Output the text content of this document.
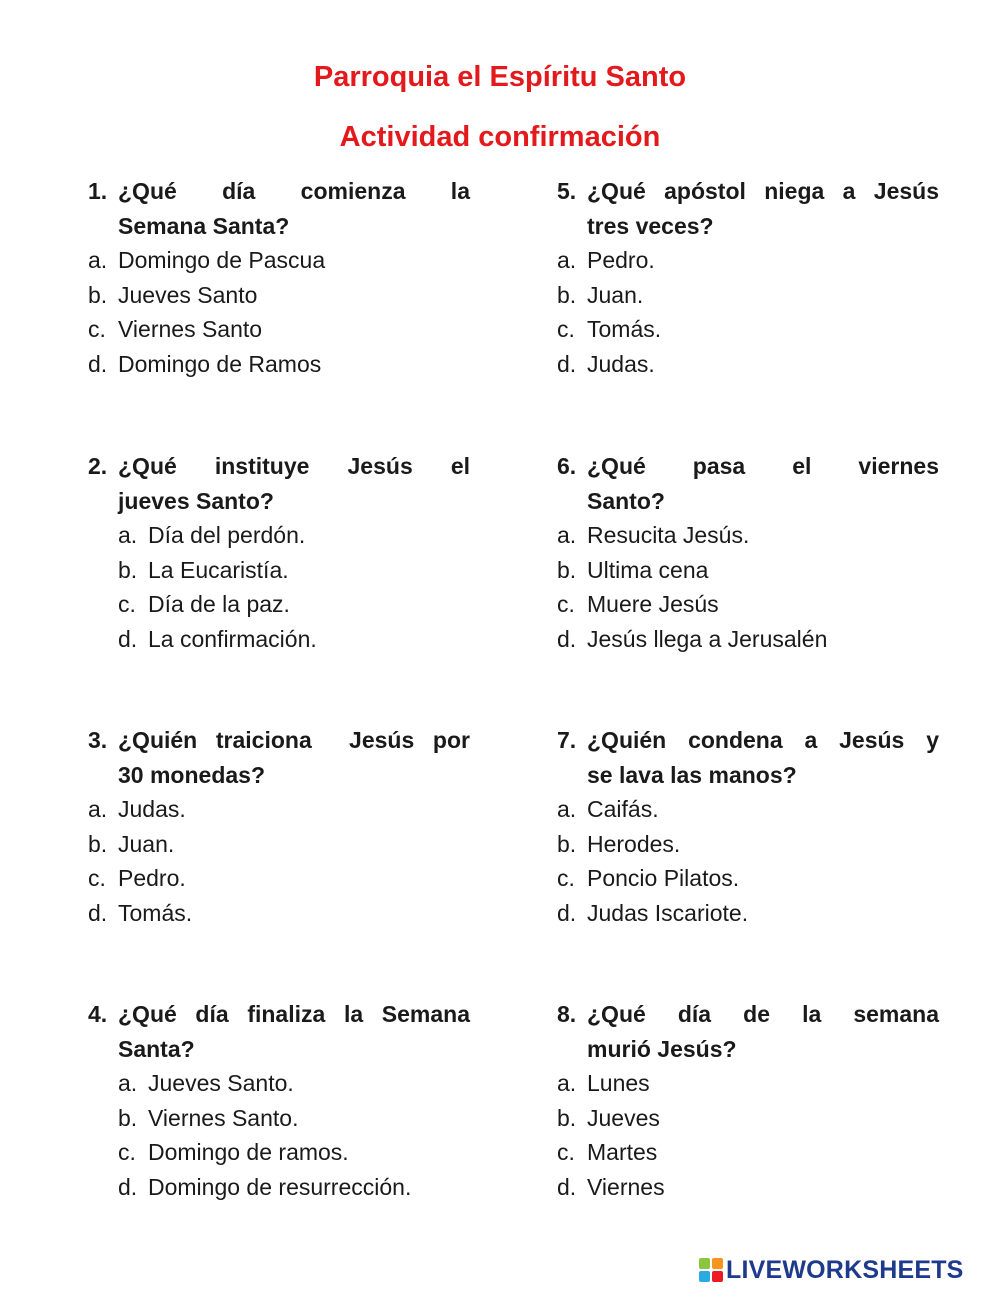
Parroquia el Espíritu Santo
Actividad confirmación
1. ¿Qué día comienza la
Semana Santa?
a. Domingo de Pascua
b. Jueves Santo
c. Viernes Santo
d. Domingo de Ramos
2. ¿Qué instituye Jesús el
jueves Santo?
a. Día del perdón.
b. La Eucaristía.
c. Día de la paz.
d. La confirmación.
3. ¿Quién traiciona  Jesús por
30 monedas?
a. Judas.
b. Juan.
c. Pedro.
d. Tomás.
4. ¿Qué día finaliza la Semana
Santa?
a. Jueves Santo.
b. Viernes Santo.
c. Domingo de ramos.
d. Domingo de resurrección.
5. ¿Qué apóstol niega a Jesús
tres veces?
a. Pedro.
b. Juan.
c. Tomás.
d. Judas.
6. ¿Qué pasa el viernes
Santo?
a. Resucita Jesús.
b. Ultima cena
c. Muere Jesús
d. Jesús llega a Jerusalén
7. ¿Quién condena a Jesús y
se lava las manos?
a. Caifás.
b. Herodes.
c. Poncio Pilatos.
d. Judas Iscariote.
8. ¿Qué día de la semana
murió Jesús?
a. Lunes
b. Jueves
c. Martes
d. Viernes
LIVEWORKSHEETS
